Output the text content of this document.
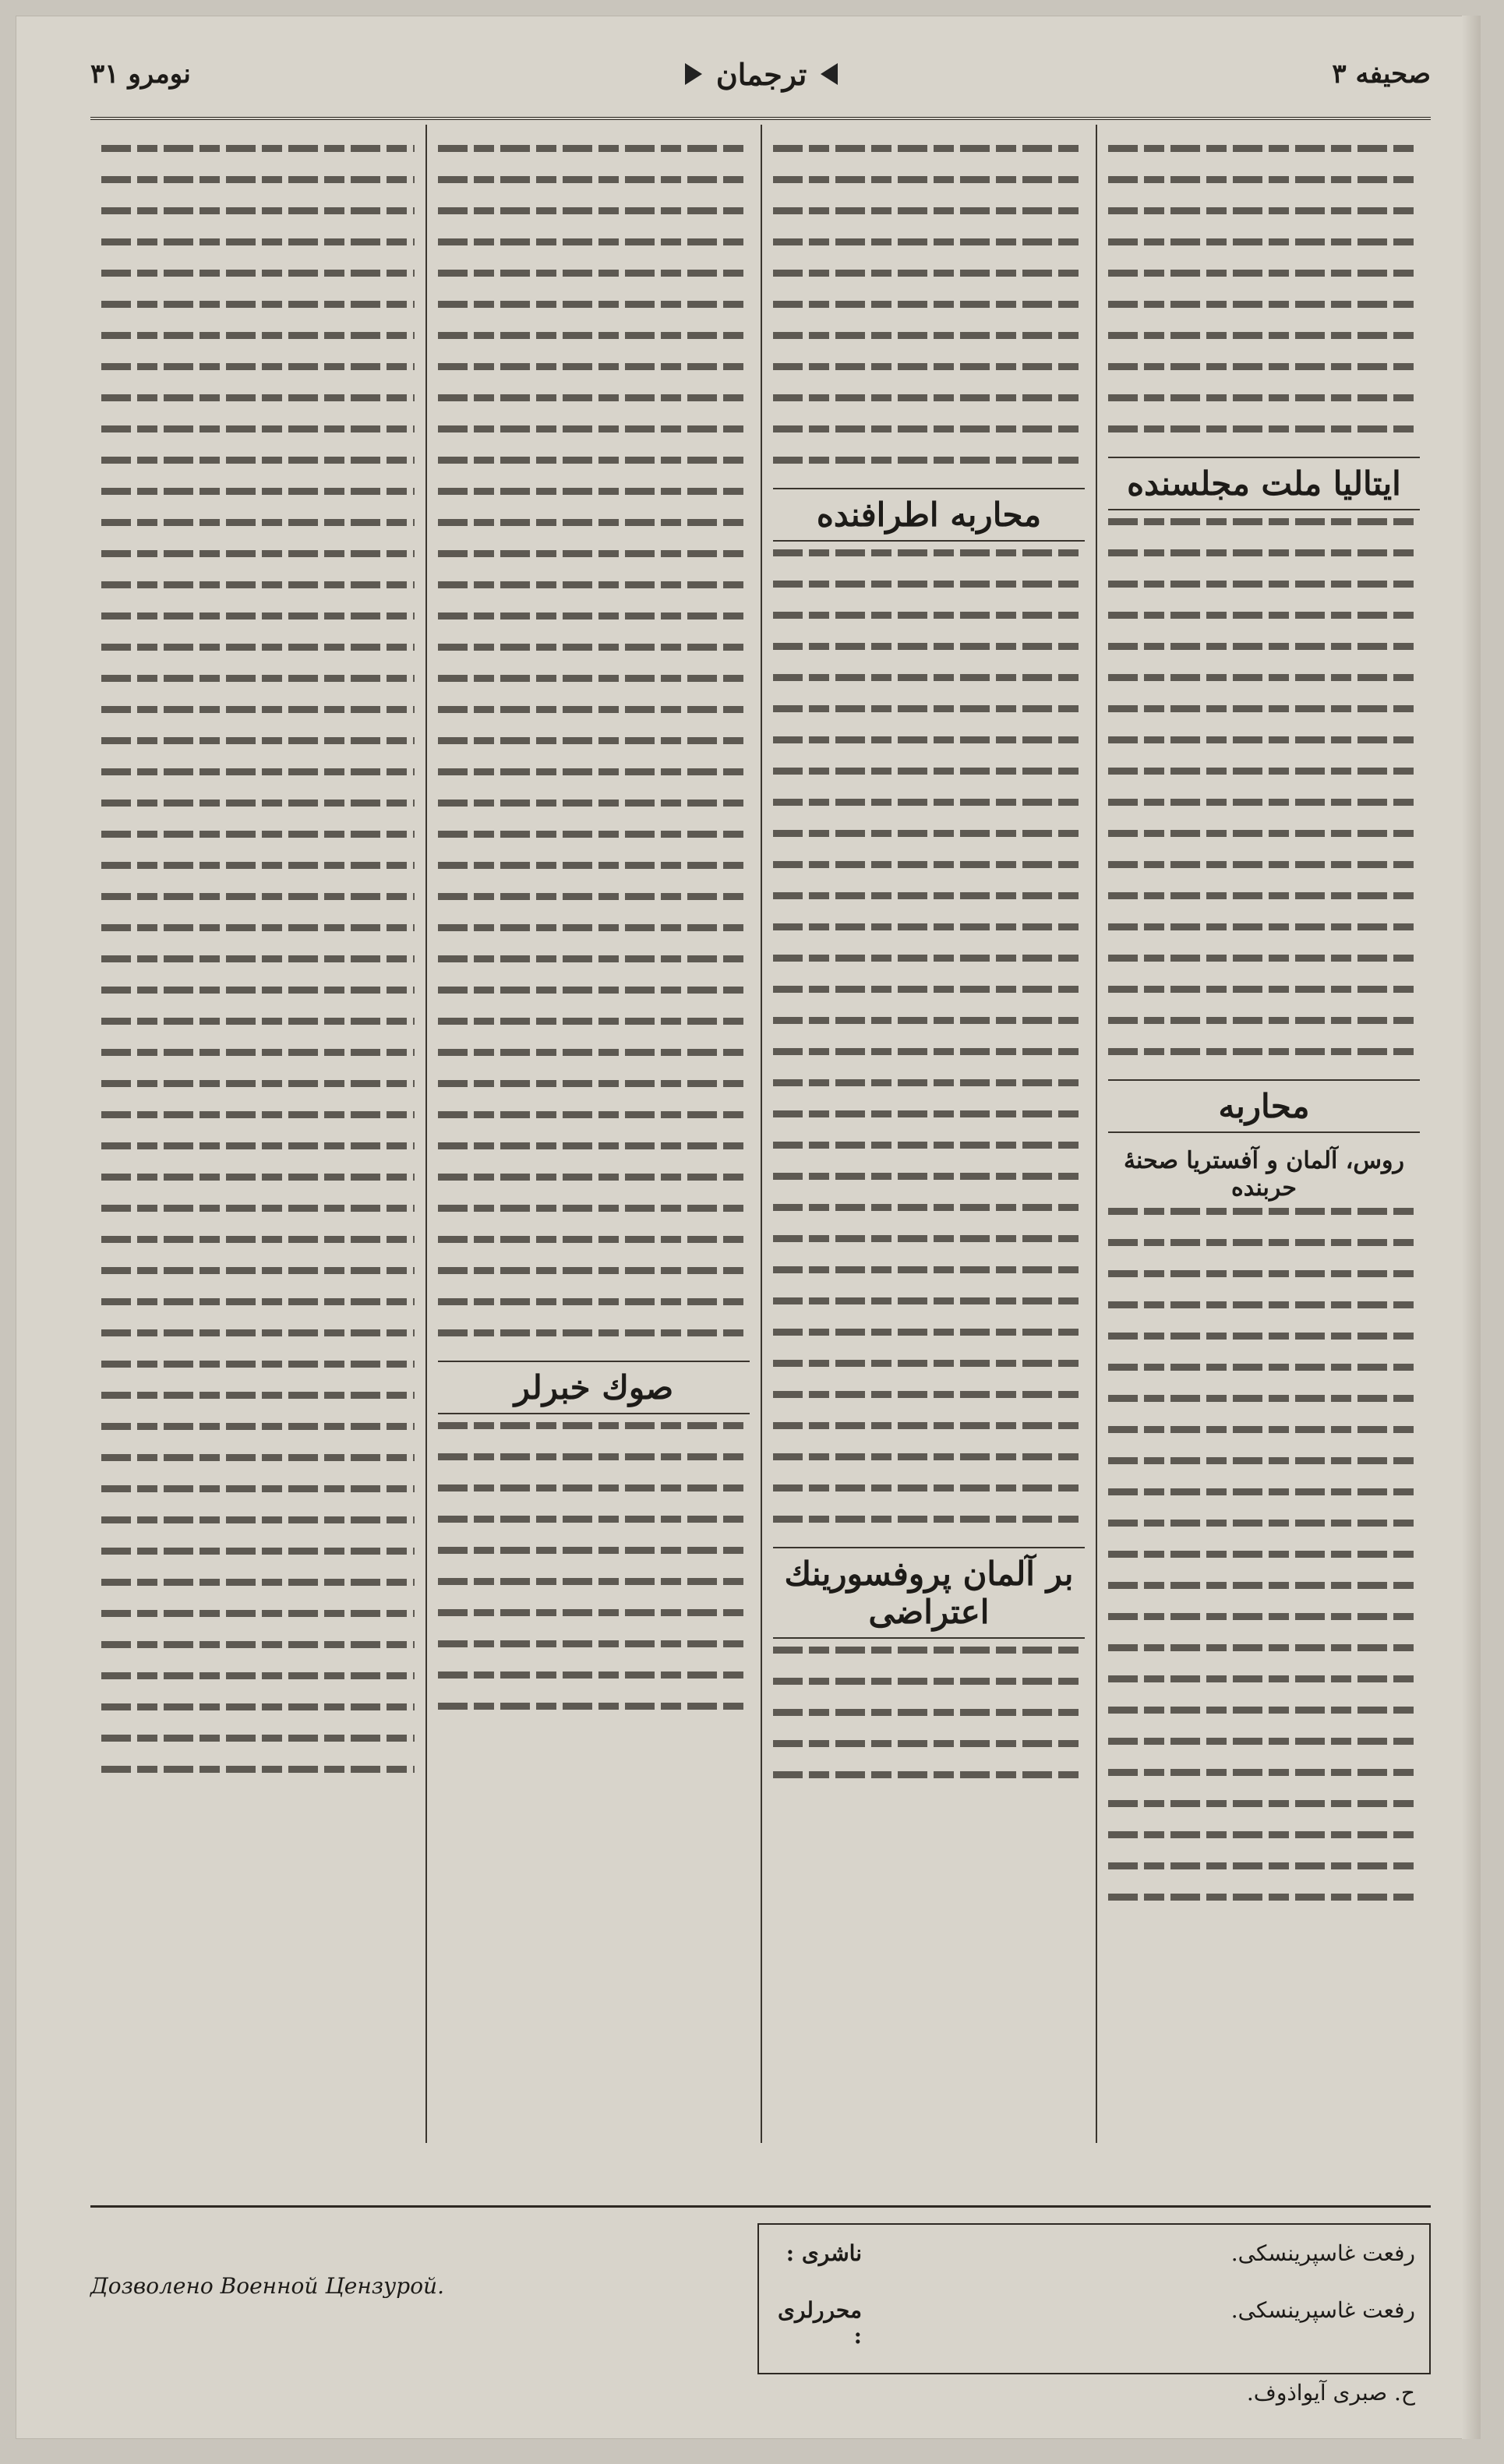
صحیفه ۳
ترجمان
نومرو ۳۱
ایتالیا ملت مجلسنده
محاربه
روس، آلمان و آفستریا صحنهٔ حربنده
محاربه اطرافنده
بر آلمان پروفسورینك اعتراضی
صوك خبرلر
رفعت غاسپرینسکی.
ناشری :
رفعت غاسپرینسکی.
محررلری :
ح. صبری آیواذوف.
Дозволено Военной Цензурой.
